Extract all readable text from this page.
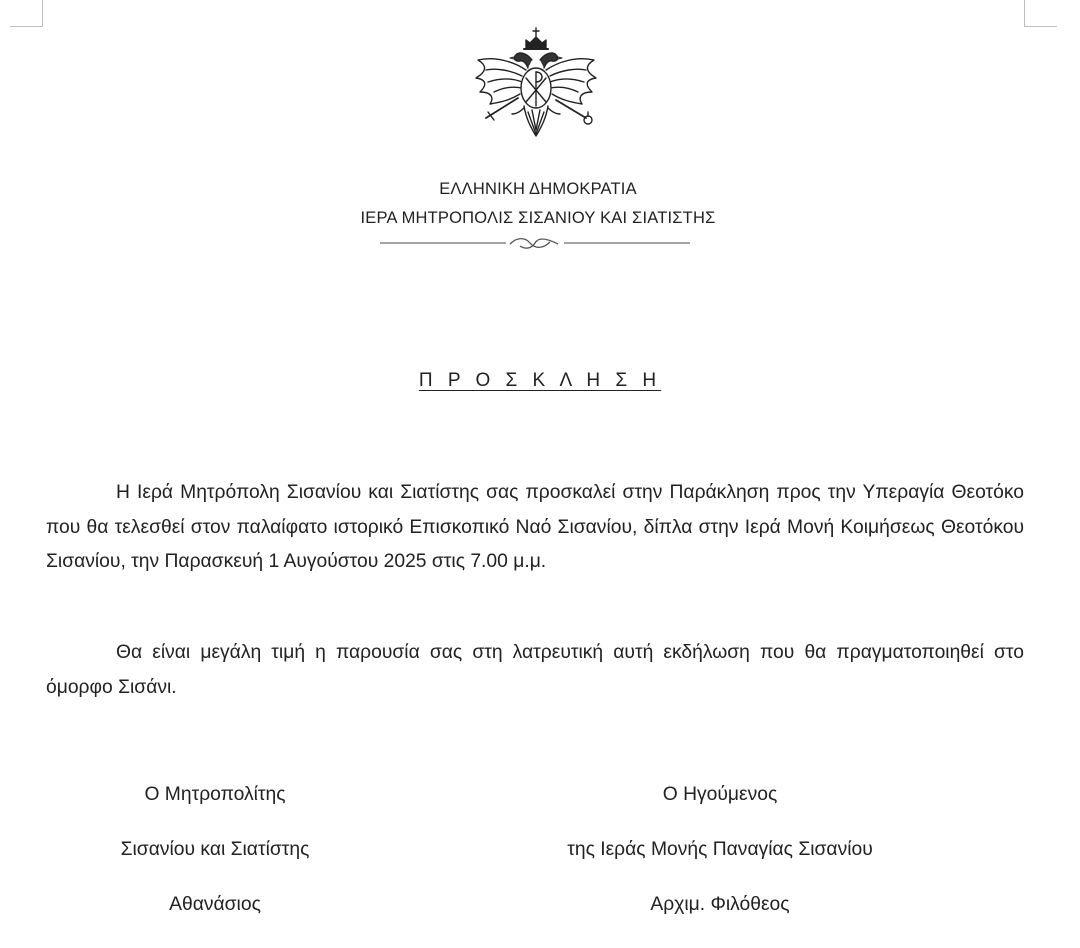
ΕΛΛΗΝΙΚΗ ΔΗΜΟΚΡΑΤΙΑ
ΙΕΡΑ ΜΗΤΡΟΠΟΛΙΣ ΣΙΣΑΝΙΟΥ ΚΑΙ ΣΙΑΤΙΣΤΗΣ
Π Ρ Ο Σ Κ Λ Η Σ Η

Η Ιερά Μητρόπολη Σισανίου και Σιατίστης σας προσκαλεί στην Παράκληση προς την Υπεραγία Θεοτόκο που θα τελεσθεί στον παλαίφατο ιστορικό Επισκοπικό Ναό Σισανίου, δίπλα στην Ιερά Μονή Κοιμήσεως Θεοτόκου Σισανίου, την Παρασκευή 1 Αυγούστου 2025 στις 7.00 μ.μ.

Θα είναι μεγάλη τιμή η παρουσία σας στη λατρευτική αυτή εκδήλωση που θα πραγματοποιηθεί στο όμορφο Σισάνι.

Ο Μητροπολίτης
Σισανίου και Σιατίστης
Αθανάσιος
Ο Ηγούμενος
της Ιεράς Μονής Παναγίας Σισανίου
Αρχιμ. Φιλόθεος
